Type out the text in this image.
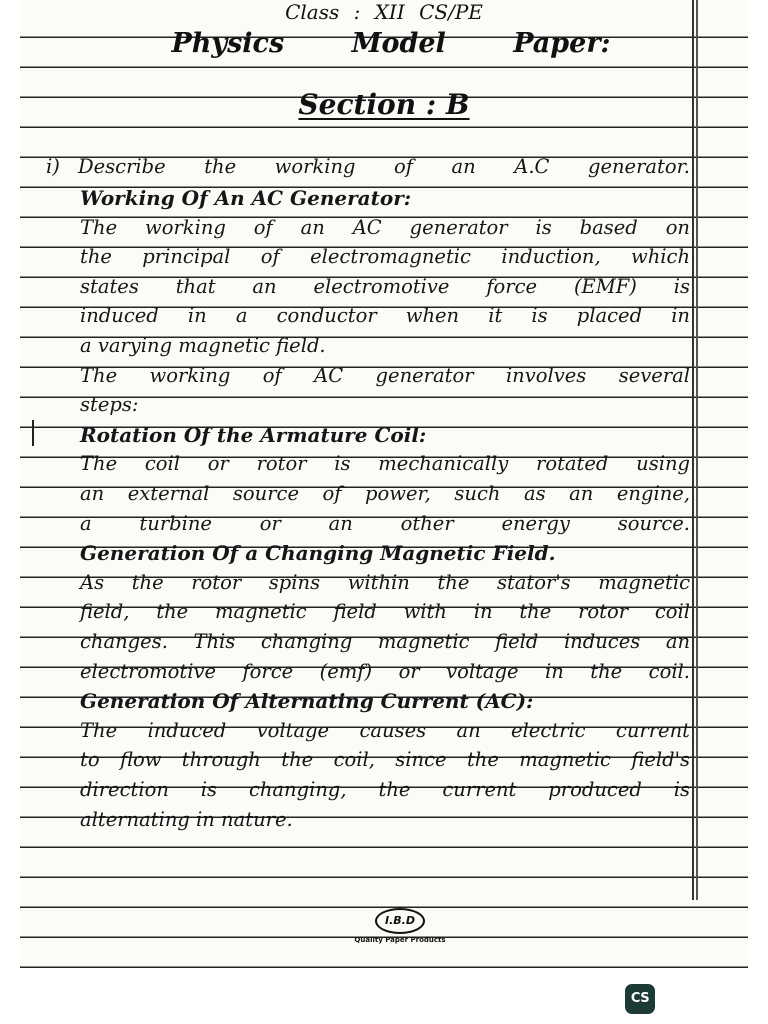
Class : XII CS/PE
Physics Model Paper:
Section : B
i) Describe the working of an A.C generator.
Working Of An AC Generator:
The working of an AC generator is based on
the principal of electromagnetic induction, which
states that an electromotive force (EMF) is
induced in a conductor when it is placed in
a varying magnetic field.
The working of AC generator involves several
steps:
Rotation Of the Armature Coil:
The coil or rotor is mechanically rotated using
an external source of power, such as an engine,
a turbine or an other energy source.
Generation Of a Changing Magnetic Field.
As the rotor spins within the stator's magnetic
field, the magnetic field with in the rotor coil
changes. This changing magnetic field induces an
electromotive force (emf) or voltage in the coil.
Generation Of Alternating Current (AC):
The induced voltage causes an electric current
to flow through the coil, since the magnetic field's
direction is changing, the current produced is
alternating in nature.
I.B.D
Quality Paper Products
CS
